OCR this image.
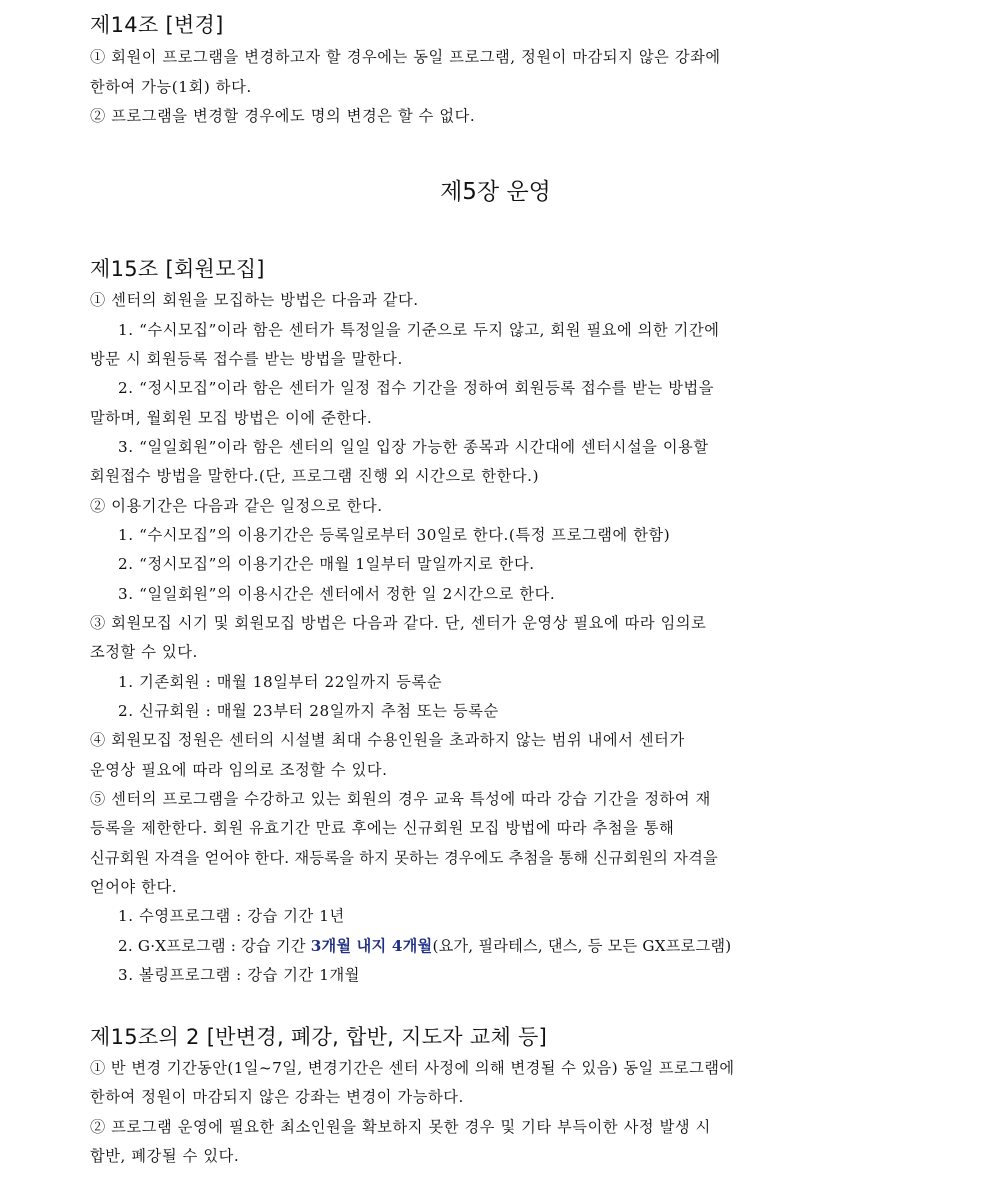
제14조 [변경]
① 회원이 프로그램을 변경하고자 할 경우에는 동일 프로그램, 정원이 마감되지 않은 강좌에
한하여 가능(1회) 하다.
② 프로그램을 변경할 경우에도 명의 변경은 할 수 없다.
제5장 운영
제15조 [회원모집]
① 센터의 회원을 모집하는 방법은 다음과 같다.
1. “수시모집”이라 함은 센터가 특정일을 기준으로 두지 않고, 회원 필요에 의한 기간에
방문 시 회원등록 접수를 받는 방법을 말한다.
2. “정시모집”이라 함은 센터가 일정 접수 기간을 정하여 회원등록 접수를 받는 방법을
말하며, 월회원 모집 방법은 이에 준한다.
3. “일일회원”이라 함은 센터의 일일 입장 가능한 종목과 시간대에 센터시설을 이용할
회원접수 방법을 말한다.(단, 프로그램 진행 외 시간으로 한한다.)
② 이용기간은 다음과 같은 일정으로 한다.
1. “수시모집”의 이용기간은 등록일로부터 30일로 한다.(특정 프로그램에 한함)
2. “정시모집”의 이용기간은 매월 1일부터 말일까지로 한다.
3. “일일회원”의 이용시간은 센터에서 정한 일 2시간으로 한다.
③ 회원모집 시기 및 회원모집 방법은 다음과 같다. 단, 센터가 운영상 필요에 따라 임의로
조정할 수 있다.
1. 기존회원 : 매월 18일부터 22일까지 등록순
2. 신규회원 : 매월 23부터 28일까지 추첨 또는 등록순
④ 회원모집 정원은 센터의 시설별 최대 수용인원을 초과하지 않는 범위 내에서 센터가
운영상 필요에 따라 임의로 조정할 수 있다.
⑤ 센터의 프로그램을 수강하고 있는 회원의 경우 교육 특성에 따라 강습 기간을 정하여 재
등록을 제한한다. 회원 유효기간 만료 후에는 신규회원 모집 방법에 따라 추첨을 통해
신규회원 자격을 얻어야 한다. 재등록을 하지 못하는 경우에도 추첨을 통해 신규회원의 자격을
얻어야 한다.
1. 수영프로그램 : 강습 기간 1년
2. G·X프로그램 : 강습 기간 3개월 내지 4개월(요가, 필라테스, 댄스, 등 모든 GX프로그램)
3. 볼링프로그램 : 강습 기간 1개월
제15조의 2 [반변경, 폐강, 합반, 지도자 교체 등]
① 반 변경 기간동안(1일~7일, 변경기간은 센터 사정에 의해 변경될 수 있음) 동일 프로그램에
한하여 정원이 마감되지 않은 강좌는 변경이 가능하다.
② 프로그램 운영에 필요한 최소인원을 확보하지 못한 경우 및 기타 부득이한 사정 발생 시
합반, 폐강될 수 있다.
